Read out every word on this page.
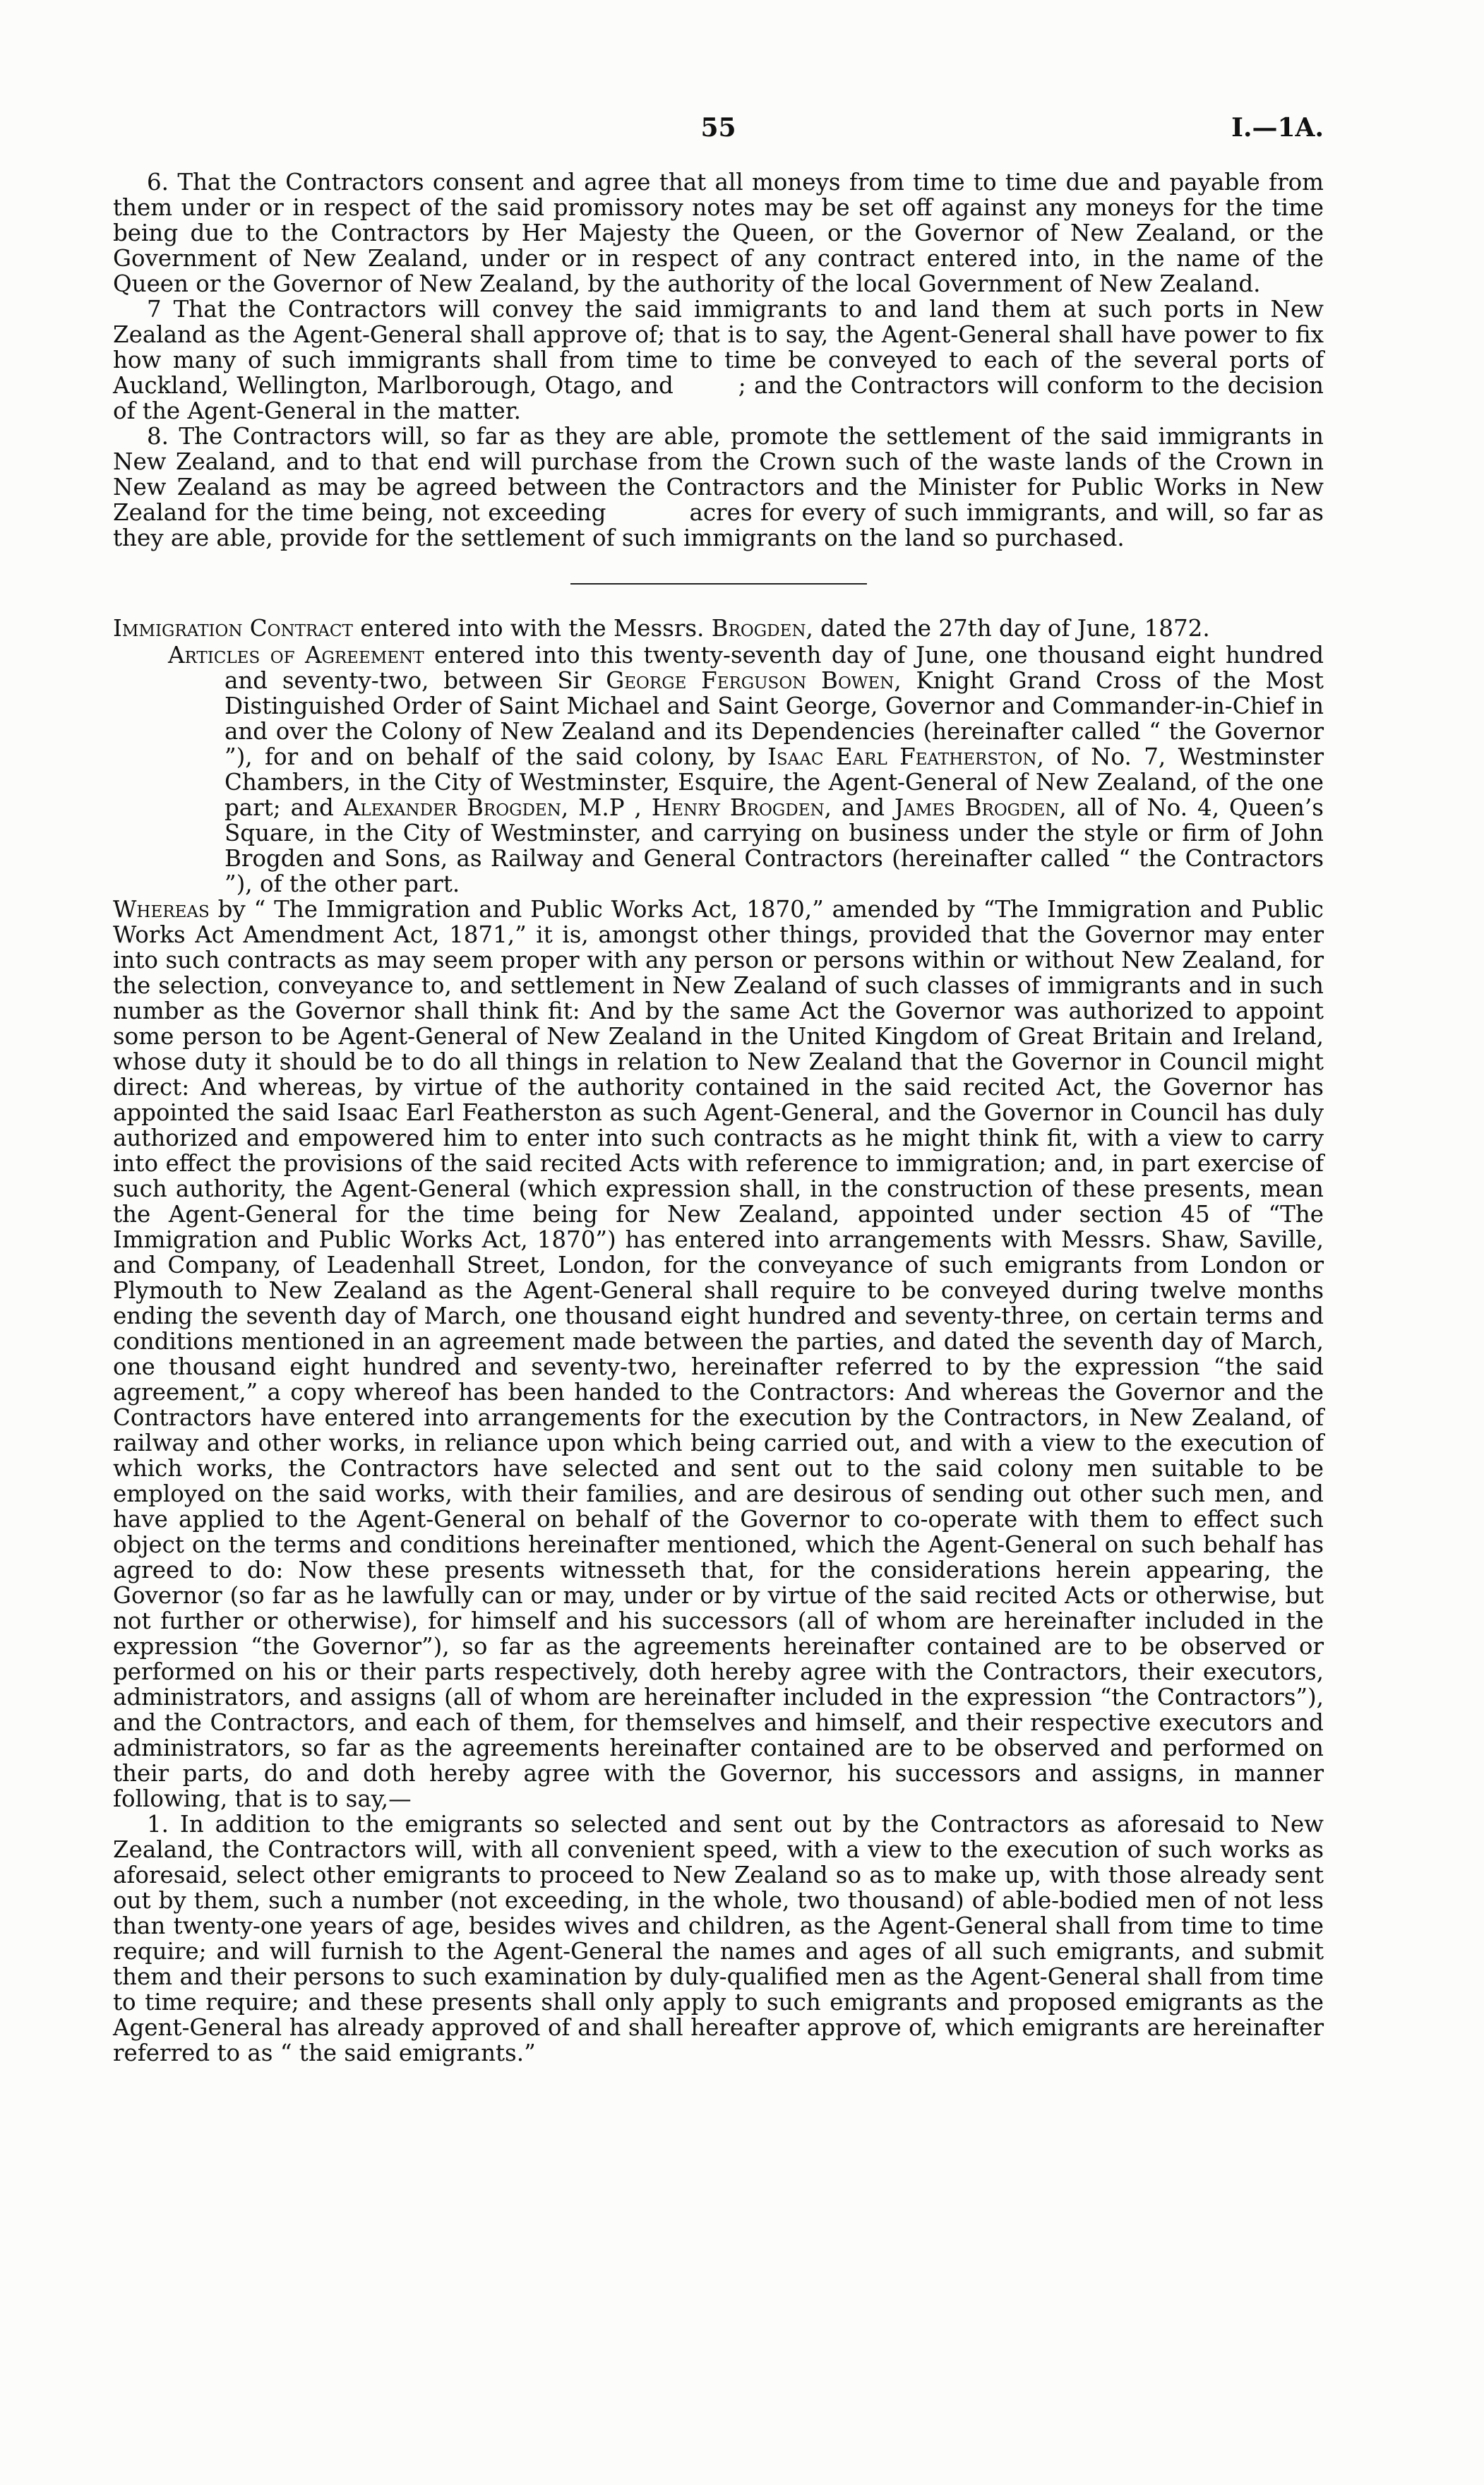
55	I.—1A.

6. That the Contractors consent and agree that all moneys from time to time due and payable from them under or in respect of the said promissory notes may be set off against any moneys for the time being due to the Contractors by Her Majesty the Queen, or the Governor of New Zealand, or the Government of New Zealand, under or in respect of any contract entered into, in the name of the Queen or the Governor of New Zealand, by the authority of the local Government of New Zealand.

7 That the Contractors will convey the said immigrants to and land them at such ports in New Zealand as the Agent-General shall approve of; that is to say, the Agent-General shall have power to fix how many of such immigrants shall from time to time be conveyed to each of the several ports of Auckland, Wellington, Marlborough, Otago, and	; and the Contractors will conform to the decision of the Agent-General in the matter.

8. The Contractors will, so far as they are able, promote the settlement of the said immigrants in New Zealand, and to that end will purchase from the Crown such of the waste lands of the Crown in New Zealand as may be agreed between the Contractors and the Minister for Public Works in New Zealand for the time being, not exceeding	acres for every of such immigrants, and will, so far as they are able, provide for the settlement of such immigrants on the land so purchased.

Immigration Contract entered into with the Messrs. Brogden, dated the 27th day of June, 1872.

Articles of Agreement entered into this twenty-seventh day of June, one thousand eight hundred and seventy-two, between Sir George Ferguson Bowen, Knight Grand Cross of the Most Distinguished Order of Saint Michael and Saint George, Governor and Commander-in-Chief in and over the Colony of New Zealand and its Dependencies (hereinafter called “ the Governor ”), for and on behalf of the said colony, by Isaac Earl Featherston, of No. 7, Westminster Chambers, in the City of Westminster, Esquire, the Agent-General of New Zealand, of the one part; and Alexander Brogden, M.P , Henry Brogden, and James Brogden, all of No. 4, Queen’s Square, in the City of Westminster, and carrying on business under the style or firm of John Brogden and Sons, as Railway and General Contractors (hereinafter called “ the Contractors ”), of the other part.

Whereas by “ The Immigration and Public Works Act, 1870,” amended by “The Immigration and Public Works Act Amendment Act, 1871,” it is, amongst other things, provided that the Governor may enter into such contracts as may seem proper with any person or persons within or without New Zealand, for the selection, conveyance to, and settlement in New Zealand of such classes of immigrants and in such number as the Governor shall think fit: And by the same Act the Governor was authorized to appoint some person to be Agent-General of New Zealand in the United Kingdom of Great Britain and Ireland, whose duty it should be to do all things in relation to New Zealand that the Governor in Council might direct: And whereas, by virtue of the authority contained in the said recited Act, the Governor has appointed the said Isaac Earl Featherston as such Agent-General, and the Governor in Council has duly authorized and empowered him to enter into such contracts as he might think fit, with a view to carry into effect the provisions of the said recited Acts with reference to immigration; and, in part exercise of such authority, the Agent-General (which expression shall, in the construction of these presents, mean the Agent-General for the time being for New Zealand, appointed under section 45 of “The Immigration and Public Works Act, 1870”) has entered into arrangements with Messrs. Shaw, Saville, and Company, of Leadenhall Street, London, for the conveyance of such emigrants from London or Plymouth to New Zealand as the Agent-General shall require to be conveyed during twelve months ending the seventh day of March, one thousand eight hundred and seventy-three, on certain terms and conditions mentioned in an agreement made between the parties, and dated the seventh day of March, one thousand eight hundred and seventy-two, hereinafter referred to by the expression “the said agreement,” a copy whereof has been handed to the Contractors: And whereas the Governor and the Contractors have entered into arrangements for the execution by the Contractors, in New Zealand, of railway and other works, in reliance upon which being carried out, and with a view to the execution of which works, the Contractors have selected and sent out to the said colony men suitable to be employed on the said works, with their families, and are desirous of sending out other such men, and have applied to the Agent-General on behalf of the Governor to co-operate with them to effect such object on the terms and conditions hereinafter mentioned, which the Agent-General on such behalf has agreed to do: Now these presents witnesseth that, for the considerations herein appearing, the Governor (so far as he lawfully can or may, under or by virtue of the said recited Acts or otherwise, but not further or otherwise), for himself and his successors (all of whom are hereinafter included in the expression “the Governor”), so far as the agreements hereinafter contained are to be observed or performed on his or their parts respectively, doth hereby agree with the Contractors, their executors, administrators, and assigns (all of whom are hereinafter included in the expression “the Contractors”), and the Contractors, and each of them, for themselves and himself, and their respective executors and administrators, so far as the agreements hereinafter contained are to be observed and performed on their parts, do and doth hereby agree with the Governor, his successors and assigns, in manner following, that is to say,—

1. In addition to the emigrants so selected and sent out by the Contractors as aforesaid to New Zealand, the Contractors will, with all convenient speed, with a view to the execution of such works as aforesaid, select other emigrants to proceed to New Zealand so as to make up, with those already sent out by them, such a number (not exceeding, in the whole, two thousand) of able-bodied men of not less than twenty-one years of age, besides wives and children, as the Agent-General shall from time to time require; and will furnish to the Agent-General the names and ages of all such emigrants, and submit them and their persons to such examination by duly-qualified men as the Agent-General shall from time to time require; and these presents shall only apply to such emigrants and proposed emigrants as the Agent-General has already approved of and shall hereafter approve of, which emigrants are hereinafter referred to as “ the said emigrants.”
